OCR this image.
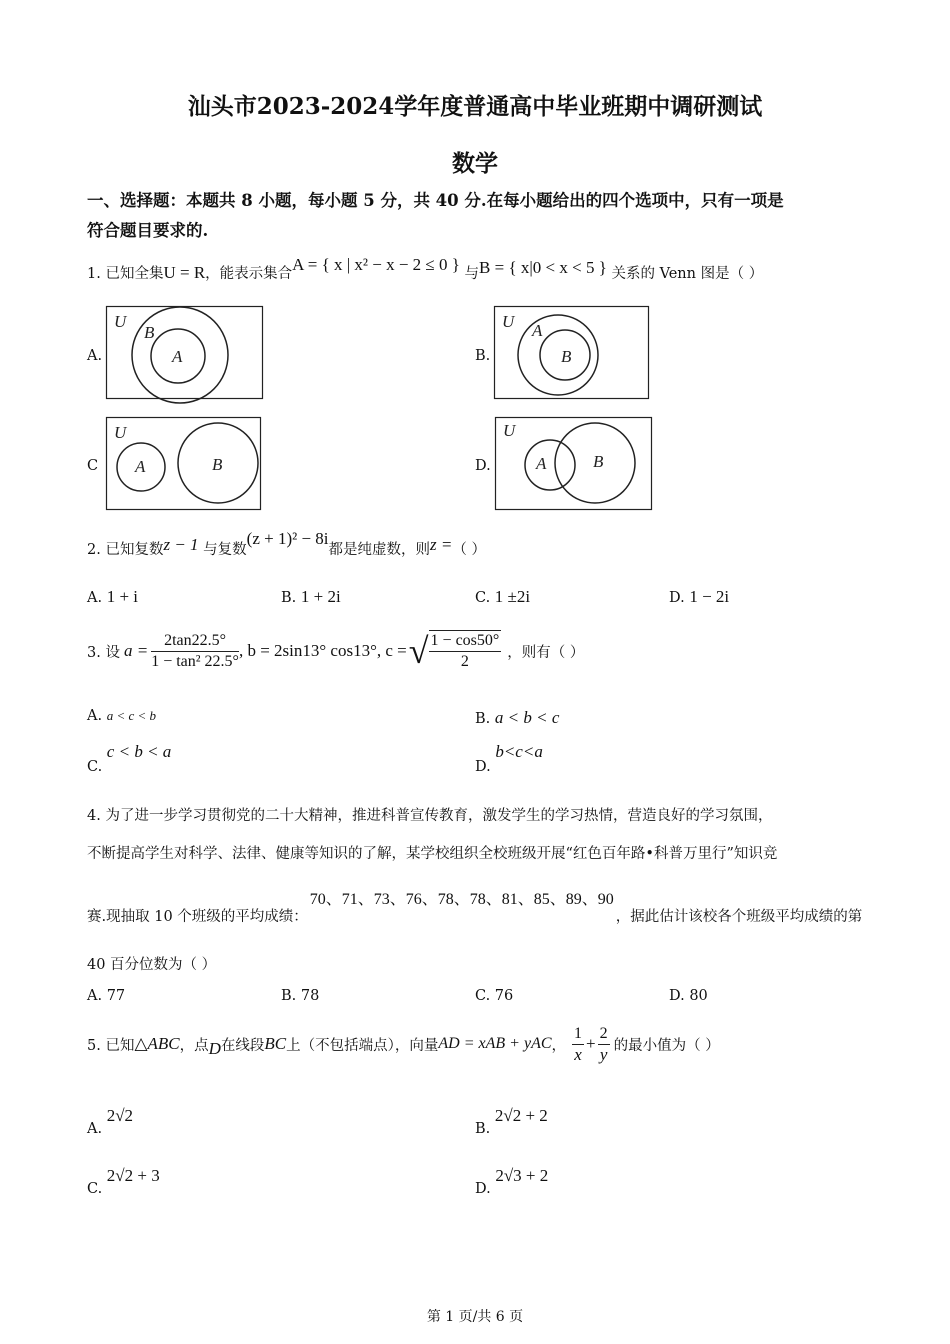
汕头市2023-2024学年度普通高中毕业班期中调研测试
数学
一、选择题：本题共 8 小题，每小题 5 分，共 40 分.在每小题给出的四个选项中，只有一项是
符合题目要求的.
1. 已知全集U = R，能表示集合A = { x | x² − x − 2 ≤ 0 } 与B = { x|0 < x < 5 } 关系的 Venn 图是（ ）
A.
U
B
A	B.
U A
B
C
U
A	B	D.
U
A	B
2. 已知复数z − 1 与复数(z + 1)² − 8i都是纯虚数，则z =（ ）
A. 1 + i	B. 1 + 2i	C. 1 ±2i	D. 1 − 2i
3. 设 $a = \frac{2\tan 22.5^\circ}{\text{1 − tan² 22.5°}}$ , b = 2sin13° cos13° , c = √ $\frac{1 - \cos 50^\circ}{2}$ ，则有（ ）
A. a < c < b	B. a < b < c
C. c < b < a
D. b<c<a
4. 为了进一步学习贯彻党的二十大精神，推进科普宣传教育，激发学生的学习热情，营造良好的学习氛围，
不断提高学生对科学、法律、健康等知识的了解，某学校组织全校班级开展“红色百年路•科普万里行”知识竞
赛.现抽取 10 个班级的平均成绩：70、71、73、76、78、78、81、85、89、90，据此估计该校各个班级平均成绩的第
40 百分位数为（ ）
A. 77	B. 78	C. 76	D. 80
5. 已知 △ABC ，点 D 在线段 BC 上（不包括端点），向量 AD = xAB + yAC ， $\frac{1}{x} + \frac{2}{y}$ 的最小值为（ ）
A. 2√2
B. 2√2 + 2
C. 2√2 + 3
D. 2√3 + 2
第 1 页/共 6 页
